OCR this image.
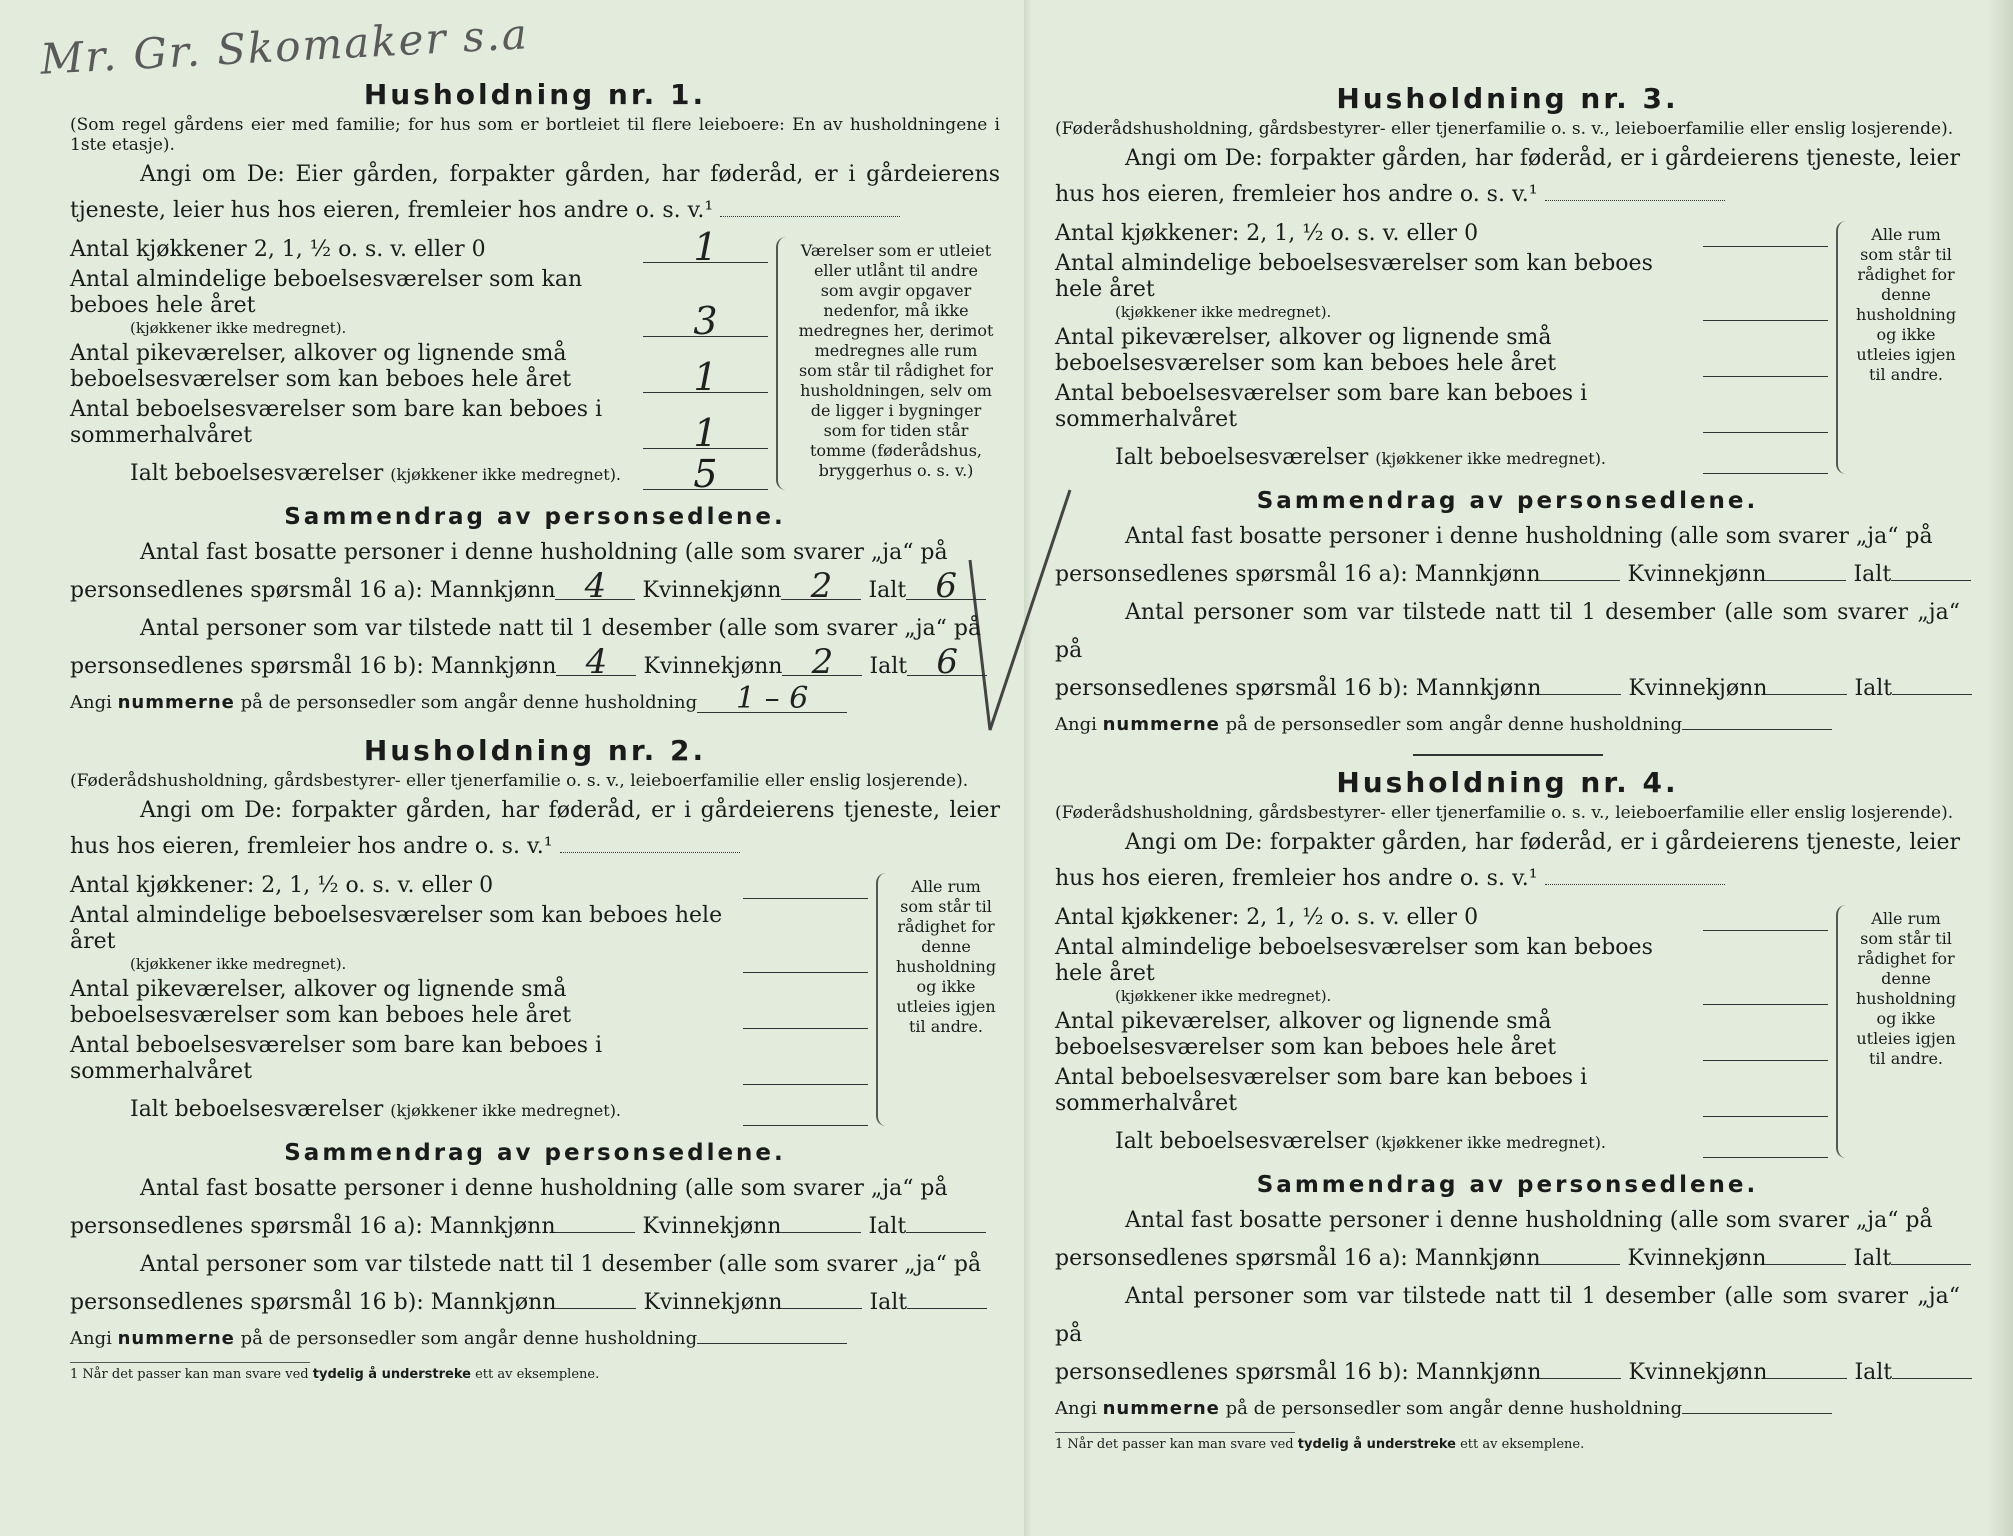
Mr. Gr. Skomaker s.a
Husholdning nr. 1.

(Som regel gårdens eier med familie; for hus som er bortleiet til flere leieboere: En av husholdningene i 1ste etasje).

Angi om De: Eier gården, forpakter gården, har føderåd, er i gårdeierens tjeneste, leier hus hos eieren, fremleier hos andre o. s. v.¹

Antal kjøkkener 2, 1, ½ o. s. v. eller 0	1
Antal almindelige beboelsesværelser som kan beboes hele året
(kjøkkener ikke medregnet).	3
Antal pikeværelser, alkover og lignende små beboelsesværelser som kan beboes hele året	1
Antal beboelsesværelser som bare kan beboes i sommerhalvåret	1
Ialt beboelsesværelser (kjøkkener ikke medregnet).	5
Værelser som er utleiet eller utlånt til andre som avgir opgaver nedenfor, må ikke medregnes her, derimot medregnes alle rum som står til rådighet for husholdningen, selv om de ligger i bygninger som for tiden står tomme (føderådshus, bryggerhus o. s. v.)
Sammendrag av personsedlene.

Antal fast bosatte personer i denne husholdning (alle som svarer „ja“ på

personsedlenes spørsmål 16 a): Mannkjønn 4 Kvinnekjønn 2 Ialt 6

Antal personer som var tilstede natt til 1 desember (alle som svarer „ja“ på

personsedlenes spørsmål 16 b): Mannkjønn 4 Kvinnekjønn 2 Ialt 6

Angi nummerne på de personsedler som angår denne husholdning 1 – 6

Husholdning nr. 2.

(Føderådshusholdning, gårdsbestyrer- eller tjenerfamilie o. s. v., leieboerfamilie eller enslig losjerende).

Angi om De: forpakter gården, har føderåd, er i gårdeierens tjeneste, leier hus hos eieren, fremleier hos andre o. s. v.¹

Antal kjøkkener: 2, 1, ½ o. s. v. eller 0
Antal almindelige beboelsesværelser som kan beboes hele året
(kjøkkener ikke medregnet).
Antal pikeværelser, alkover og lignende små beboelsesværelser som kan beboes hele året
Antal beboelsesværelser som bare kan beboes i sommerhalvåret
Ialt beboelsesværelser (kjøkkener ikke medregnet).
Alle rum som står til rådighet for denne husholdning og ikke utleies igjen til andre.
Sammendrag av personsedlene.

Antal fast bosatte personer i denne husholdning (alle som svarer „ja“ på

personsedlenes spørsmål 16 a): Mannkjønn	Kvinnekjønn	Ialt

Antal personer som var tilstede natt til 1 desember (alle som svarer „ja“ på

personsedlenes spørsmål 16 b): Mannkjønn	Kvinnekjønn	Ialt

Angi nummerne på de personsedler som angår denne husholdning

1 Når det passer kan man svare ved tydelig å understreke ett av eksemplene.
Husholdning nr. 3.

(Føderådshusholdning, gårdsbestyrer- eller tjenerfamilie o. s. v., leieboerfamilie eller enslig losjerende).

Angi om De: forpakter gården, har føderåd, er i gårdeierens tjeneste, leier hus hos eieren, fremleier hos andre o. s. v.¹

Antal kjøkkener: 2, 1, ½ o. s. v. eller 0
Antal almindelige beboelsesværelser som kan beboes hele året
(kjøkkener ikke medregnet).
Antal pikeværelser, alkover og lignende små beboelsesværelser som kan beboes hele året
Antal beboelsesværelser som bare kan beboes i sommerhalvåret
Ialt beboelsesværelser (kjøkkener ikke medregnet).
Alle rum som står til rådighet for denne husholdning og ikke utleies igjen til andre.
Sammendrag av personsedlene.

Antal fast bosatte personer i denne husholdning (alle som svarer „ja“ på

personsedlenes spørsmål 16 a): Mannkjønn	Kvinnekjønn	Ialt

Antal personer som var tilstede natt til 1 desember (alle som svarer „ja“ på

personsedlenes spørsmål 16 b): Mannkjønn	Kvinnekjønn	Ialt

Angi nummerne på de personsedler som angår denne husholdning

Husholdning nr. 4.

(Føderådshusholdning, gårdsbestyrer- eller tjenerfamilie o. s. v., leieboerfamilie eller enslig losjerende).

Angi om De: forpakter gården, har føderåd, er i gårdeierens tjeneste, leier hus hos eieren, fremleier hos andre o. s. v.¹

Antal kjøkkener: 2, 1, ½ o. s. v. eller 0
Antal almindelige beboelsesværelser som kan beboes hele året
(kjøkkener ikke medregnet).
Antal pikeværelser, alkover og lignende små beboelsesværelser som kan beboes hele året
Antal beboelsesværelser som bare kan beboes i sommerhalvåret
Ialt beboelsesværelser (kjøkkener ikke medregnet).
Alle rum som står til rådighet for denne husholdning og ikke utleies igjen til andre.
Sammendrag av personsedlene.

Antal fast bosatte personer i denne husholdning (alle som svarer „ja“ på

personsedlenes spørsmål 16 a): Mannkjønn	Kvinnekjønn	Ialt

Antal personer som var tilstede natt til 1 desember (alle som svarer „ja“ på

personsedlenes spørsmål 16 b): Mannkjønn	Kvinnekjønn	Ialt

Angi nummerne på de personsedler som angår denne husholdning

1 Når det passer kan man svare ved tydelig å understreke ett av eksemplene.
